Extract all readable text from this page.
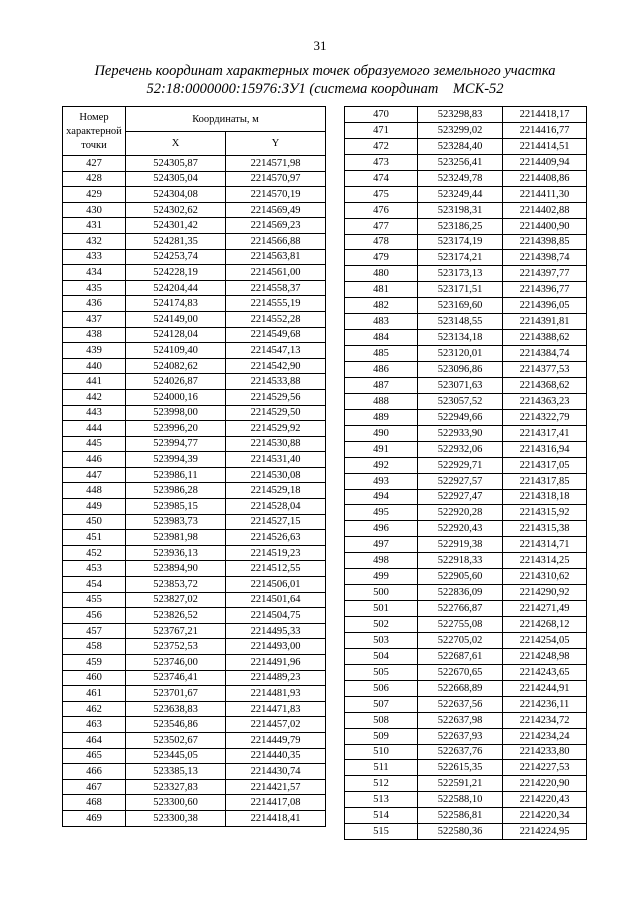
31
Перечень координат характерных точек образуемого земельного участка
52:18:0000000:15976:ЗУ1 (система координат    МСК-52
Номер
характерной
точки	Координаты, м	
	X	Y
427	524305,87	2214571,98
428	524305,04	2214570,97
429	524304,08	2214570,19
430	524302,62	2214569,49
431	524301,42	2214569,23
432	524281,35	2214566,88
433	524253,74	2214563,81
434	524228,19	2214561,00
435	524204,44	2214558,37
436	524174,83	2214555,19
437	524149,00	2214552,28
438	524128,04	2214549,68
439	524109,40	2214547,13
440	524082,62	2214542,90
441	524026,87	2214533,88
442	524000,16	2214529,56
443	523998,00	2214529,50
444	523996,20	2214529,92
445	523994,77	2214530,88
446	523994,39	2214531,40
447	523986,11	2214530,08
448	523986,28	2214529,18
449	523985,15	2214528,04
450	523983,73	2214527,15
451	523981,98	2214526,63
452	523936,13	2214519,23
453	523894,90	2214512,55
454	523853,72	2214506,01
455	523827,02	2214501,64
456	523826,52	2214504,75
457	523767,21	2214495,33
458	523752,53	2214493,00
459	523746,00	2214491,96
460	523746,41	2214489,23
461	523701,67	2214481,93
462	523638,83	2214471,83
463	523546,86	2214457,02
464	523502,67	2214449,79
465	523445,05	2214440,35
466	523385,13	2214430,74
467	523327,83	2214421,57
468	523300,60	2214417,08
469	523300,38	2214418,41
470	523298,83	2214418,17
471	523299,02	2214416,77
472	523284,40	2214414,51
473	523256,41	2214409,94
474	523249,78	2214408,86
475	523249,44	2214411,30
476	523198,31	2214402,88
477	523186,25	2214400,90
478	523174,19	2214398,85
479	523174,21	2214398,74
480	523173,13	2214397,77
481	523171,51	2214396,77
482	523169,60	2214396,05
483	523148,55	2214391,81
484	523134,18	2214388,62
485	523120,01	2214384,74
486	523096,86	2214377,53
487	523071,63	2214368,62
488	523057,52	2214363,23
489	522949,66	2214322,79
490	522933,90	2214317,41
491	522932,06	2214316,94
492	522929,71	2214317,05
493	522927,57	2214317,85
494	522927,47	2214318,18
495	522920,28	2214315,92
496	522920,43	2214315,38
497	522919,38	2214314,71
498	522918,33	2214314,25
499	522905,60	2214310,62
500	522836,09	2214290,92
501	522766,87	2214271,49
502	522755,08	2214268,12
503	522705,02	2214254,05
504	522687,61	2214248,98
505	522670,65	2214243,65
506	522668,89	2214244,91
507	522637,56	2214236,11
508	522637,98	2214234,72
509	522637,93	2214234,24
510	522637,76	2214233,80
511	522615,35	2214227,53
512	522591,21	2214220,90
513	522588,10	2214220,43
514	522586,81	2214220,34
515	522580,36	2214224,95
